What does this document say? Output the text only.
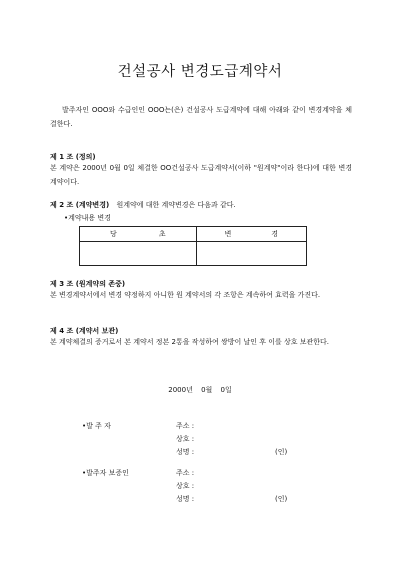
건설공사 변경도급계약서
발주자인 OOO와 수급인인 OOO는(은) 건설공사 도급계약에 대해 아래와 같이 변경계약을 체결한다.
제 1 조 (정의)
본 계약은 2000년 0월 0일 체결한 OO건설공사 도급계약서(이하 "원계약"이라 한다)에 대한 변경계약이다.
제 2 조 (계약변경) 원계약에 대한 계약변경은 다음과 같다.
•계약내용 변경
당 초	변 경

제 3 조 (원계약의 존중)
본 변경계약서에서 변경 약정하지 아니한 원 계약서의 각 조항은 계속하여 효력을 가진다.
제 4 조 (계약서 보관)
본 계약체결의 증거로서 본 계약서 정본 2통을 작성하여 쌍방이 날인 후 이를 상호 보관한다.
2000년 0월 0일
•발 주 자	주소 :
상호 :
성명 :	(인)
•발주자 보증인	주소 :
상호 :
성명 :	(인)
